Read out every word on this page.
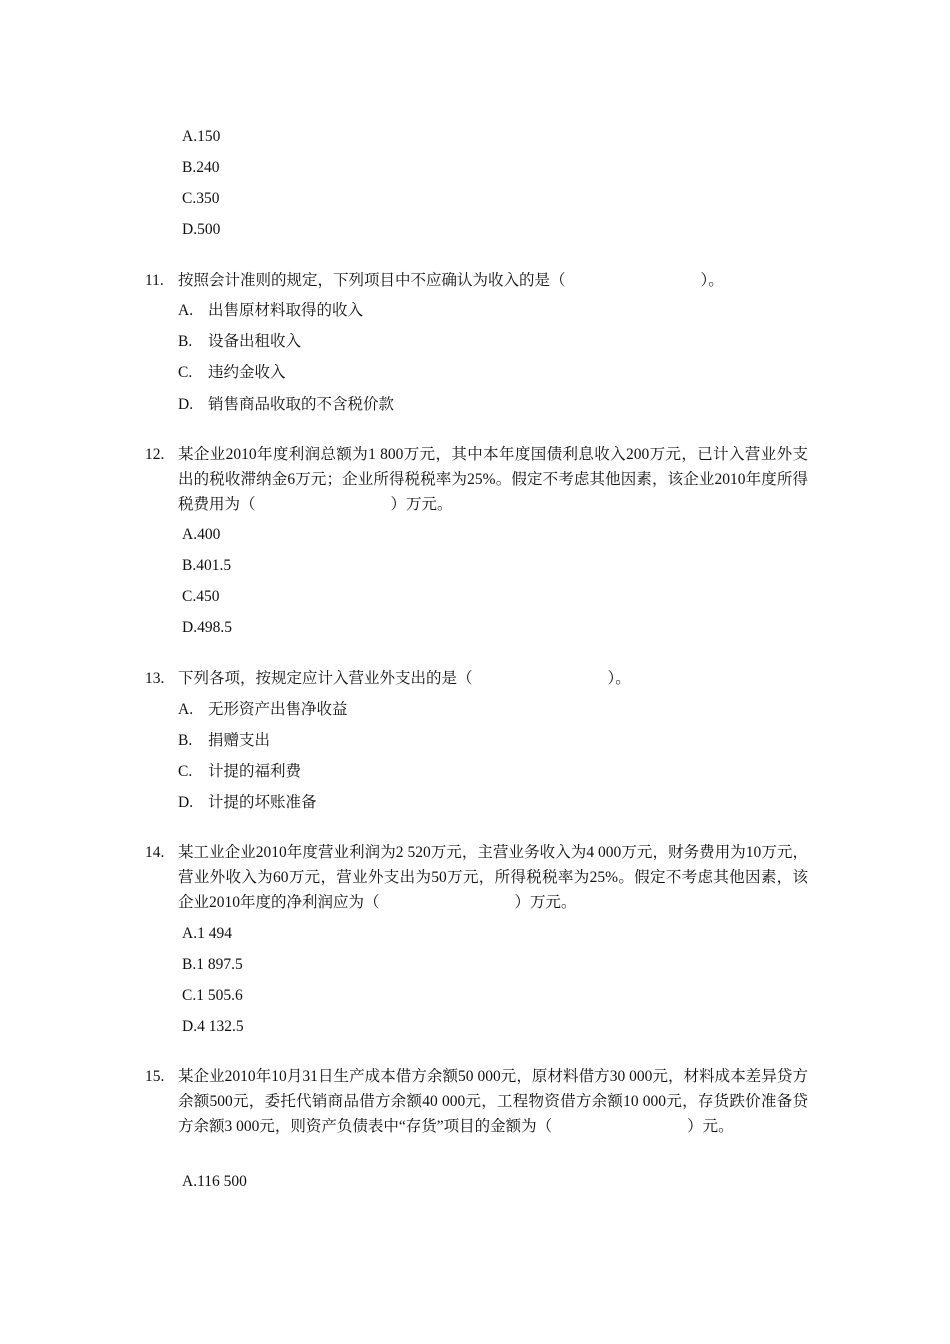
A.150
B.240
C.350
D.500
11. 按照会计准则的规定，下列项目中不应确认为收入的是（	）。
A. 出售原材料取得的收入
B. 设备出租收入
C. 违约金收入
D. 销售商品收取的不含税价款
12. 某企业2010年度利润总额为1 800万元，其中本年度国债利息收入200万元，已计入营业外支出的税收滞纳金6万元；企业所得税税率为25%。假定不考虑其他因素，该企业2010年度所得税费用为（	）万元。
A.400
B.401.5
C.450
D.498.5
13. 下列各项，按规定应计入营业外支出的是（	）。
A. 无形资产出售净收益
B. 捐赠支出
C. 计提的福利费
D. 计提的坏账准备
14. 某工业企业2010年度营业利润为2 520万元，主营业务收入为4 000万元，财务费用为10万元，营业外收入为60万元，营业外支出为50万元，所得税税率为25%。假定不考虑其他因素，该企业2010年度的净利润应为（	）万元。
A.1 494
B.1 897.5
C.1 505.6
D.4 132.5
15. 某企业2010年10月31日生产成本借方余额50 000元，原材料借方30 000元，材料成本差异贷方余额500元，委托代销商品借方余额40 000元，工程物资借方余额10 000元，存货跌价准备贷方余额3 000元，则资产负债表中“存货”项目的金额为（	）元。
A.116 500
